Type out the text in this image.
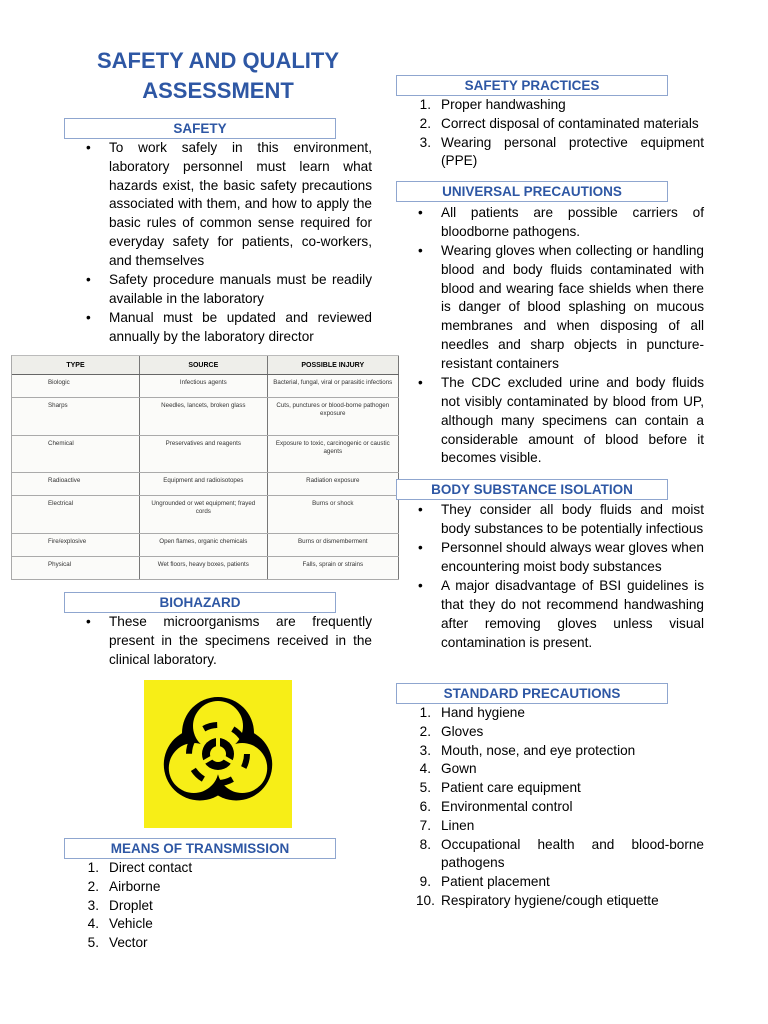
SAFETY AND QUALITY ASSESSMENT
SAFETY
• To work safely in this environment, laboratory personnel must learn what hazards exist, the basic safety precautions associated with them, and how to apply the basic rules of common sense required for everyday safety for patients, co-workers, and themselves
• Safety procedure manuals must be readily available in the laboratory
• Manual must be updated and reviewed annually by the laboratory director
TYPE	SOURCE	POSSIBLE INJURY
Biologic	Infectious agents	Bacterial, fungal, viral or parasitic infections
Sharps	Needles, lancets, broken glass	Cuts, punctures or blood-borne pathogen exposure
Chemical	Preservatives and reagents	Exposure to toxic, carcinogenic or caustic agents
Radioactive	Equipment and radioisotopes	Radiation exposure
Electrical	Ungrounded or wet equipment; frayed cords	Burns or shock
Fire/explosive	Open flames, organic chemicals	Burns or dismemberment
Physical	Wet floors, heavy boxes, patients	Falls, sprain or strains
BIOHAZARD
• These microorganisms are frequently present in the specimens received in the clinical laboratory.
MEANS OF TRANSMISSION
1. Direct contact
2. Airborne
3. Droplet
4. Vehicle
5. Vector
SAFETY PRACTICES
1. Proper handwashing
2. Correct disposal of contaminated materials
3. Wearing personal protective equipment (PPE)
UNIVERSAL PRECAUTIONS
• All patients are possible carriers of bloodborne pathogens.
• Wearing gloves when collecting or handling blood and body fluids contaminated with blood and wearing face shields when there is danger of blood splashing on mucous membranes and when disposing of all needles and sharp objects in puncture-resistant containers
• The CDC excluded urine and body fluids not visibly contaminated by blood from UP, although many specimens can contain a considerable amount of blood before it becomes visible.
BODY SUBSTANCE ISOLATION
• They consider all body fluids and moist body substances to be potentially infectious
• Personnel should always wear gloves when encountering moist body substances
• A major disadvantage of BSI guidelines is that they do not recommend handwashing after removing gloves unless visual contamination is present.
STANDARD PRECAUTIONS
1. Hand hygiene
2. Gloves
3. Mouth, nose, and eye protection
4. Gown
5. Patient care equipment
6. Environmental control
7. Linen
8. Occupational health and blood-borne pathogens
9. Patient placement
10. Respiratory hygiene/cough etiquette
